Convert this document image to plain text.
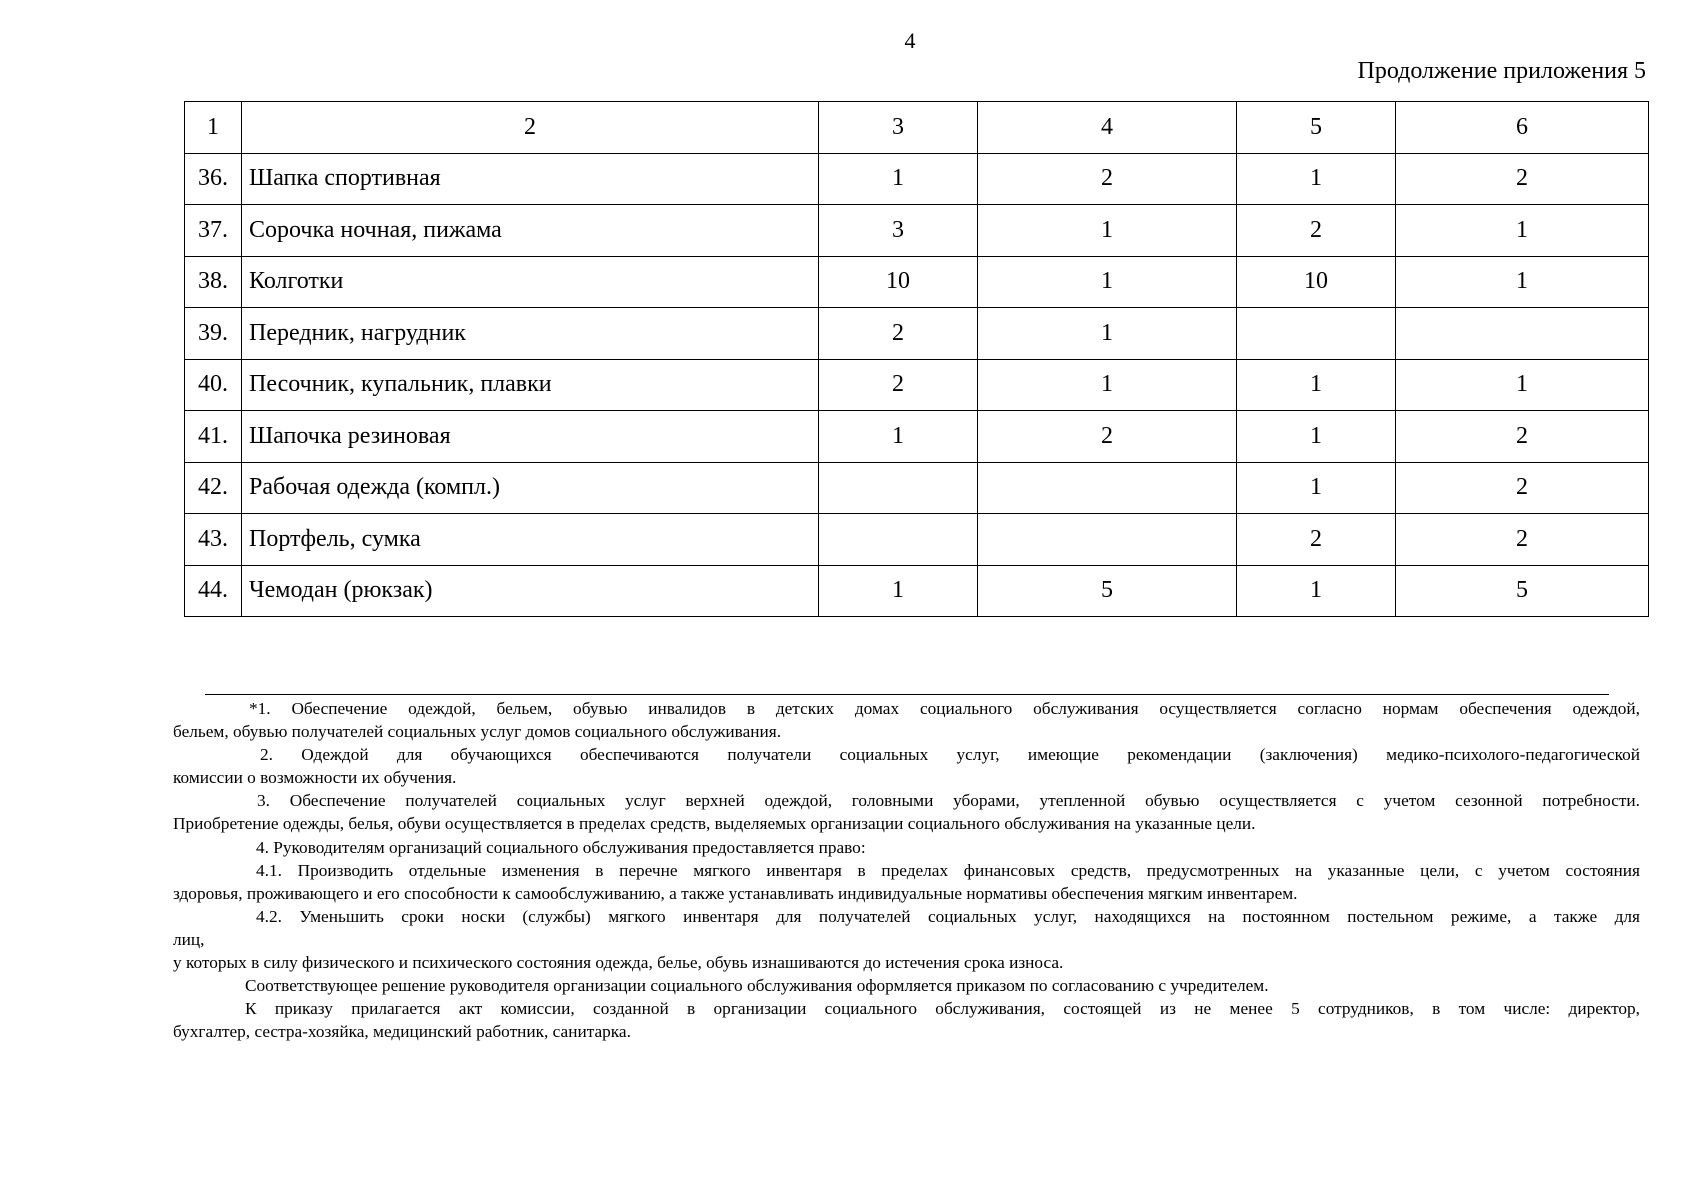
4
Продолжение приложения 5
1	2	3	4	5	6
36.	Шапка спортивная	1	2	1	2
37.	Сорочка ночная, пижама	3	1	2	1
38.	Колготки	10	1	10	1
39.	Передник, нагрудник	2	1		
40.	Песочник, купальник, плавки	2	1	1	1
41.	Шапочка резиновая	1	2	1	2
42.	Рабочая одежда (компл.)			1	2
43.	Портфель, сумка			2	2
44.	Чемодан (рюкзак)	1	5	1	5

*1. Обеспечение одеждой, бельем, обувью инвалидов в детских домах социального обслуживания осуществляется согласно нормам обеспечения одеждой,

бельем, обувью получателей социальных услуг домов социального обслуживания.

2. Одеждой для обучающихся обеспечиваются получатели социальных услуг, имеющие рекомендации (заключения) медико-психолого-педагогической

комиссии о возможности их обучения.

3. Обеспечение получателей социальных услуг верхней одеждой, головными уборами, утепленной обувью осуществляется с учетом сезонной потребности.

Приобретение одежды, белья, обуви осуществляется в пределах средств, выделяемых организации социального обслуживания на указанные цели.

4. Руководителям организаций социального обслуживания предоставляется право:

4.1. Производить отдельные изменения в перечне мягкого инвентаря в пределах финансовых средств, предусмотренных на указанные цели, с учетом состояния

здоровья, проживающего и его способности к самообслуживанию, а также устанавливать индивидуальные нормативы обеспечения мягким инвентарем.

4.2. Уменьшить сроки носки (службы) мягкого инвентаря для получателей социальных услуг, находящихся на постоянном постельном режиме, а также для

лиц,

у которых в силу физического и психического состояния одежда, белье, обувь изнашиваются до истечения срока износа.

Соответствующее решение руководителя организации социального обслуживания оформляется приказом по согласованию с учредителем.

К приказу прилагается акт комиссии, созданной в организации социального обслуживания, состоящей из не менее 5 сотрудников, в том числе: директор,

бухгалтер, сестра-хозяйка, медицинский работник, санитарка.
